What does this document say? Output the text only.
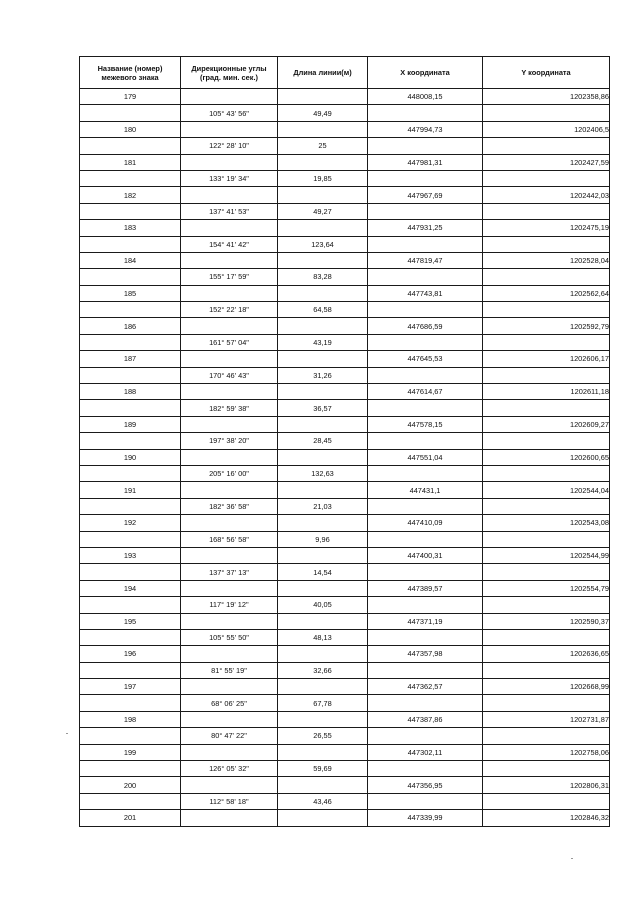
Название (номер) межевого знака	Дирекционные углы (град. мин. сек.)	Длина линии(м)	X координата	Y координата
179			448008,15	1202358,86
	105° 43' 56"	49,49		
180			447994,73	1202406,5
	122° 28' 10"	25		
181			447981,31	1202427,59
	133° 19' 34"	19,85		
182			447967,69	1202442,03
	137° 41' 53"	49,27		
183			447931,25	1202475,19
	154° 41' 42"	123,64		
184			447819,47	1202528,04
	155° 17' 59"	83,28		
185			447743,81	1202562,64
	152° 22' 18"	64,58		
186			447686,59	1202592,79
	161° 57' 04"	43,19		
187			447645,53	1202606,17
	170° 46' 43"	31,26		
188			447614,67	1202611,18
	182° 59' 38"	36,57		
189			447578,15	1202609,27
	197° 38' 20"	28,45		
190			447551,04	1202600,65
	205° 16' 00"	132,63		
191			447431,1	1202544,04
	182° 36' 58"	21,03		
192			447410,09	1202543,08
	168° 56' 58"	9,96		
193			447400,31	1202544,99
	137° 37' 13"	14,54		
194			447389,57	1202554,79
	117° 19' 12"	40,05		
195			447371,19	1202590,37
	105° 55' 50"	48,13		
196			447357,98	1202636,65
	81° 55' 19"	32,66		
197			447362,57	1202668,99
	68° 06' 25"	67,78		
198			447387,86	1202731,87
	80° 47' 22"	26,55		
199			447302,11	1202758,06
	126° 05' 32"	59,69		
200			447356,95	1202806,31
	112° 58' 18"	43,46		
201			447339,99	1202846,32
